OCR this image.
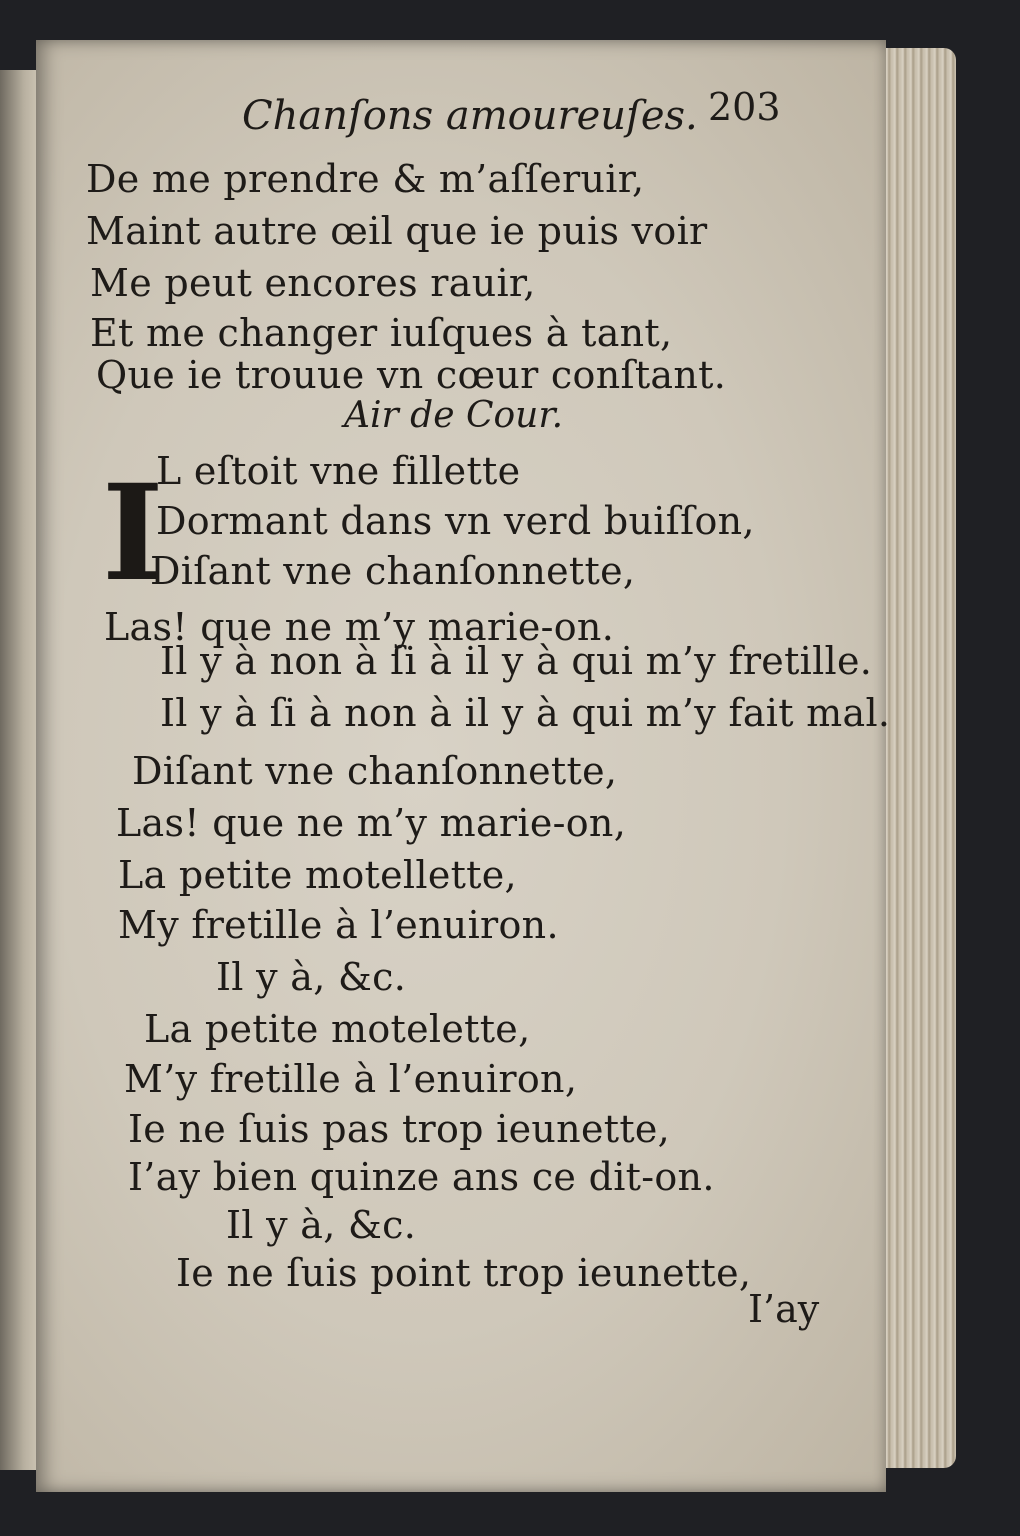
Chanſons amoureuſes. 203
De me prendre & m’aſſeruir,
Maint autre œil que ie puis voir
Me peut encores rauir,
Et me changer iuſques à tant,
Que ie trouue vn cœur conſtant.
Air de Cour.
I
L eſtoit vne fillette
Dormant dans vn verd buiſſon,
Diſant vne chanſonnette,
Las! que ne m’y marie-on.
Il y à non à ſi à il y à qui m’y fretille.
Il y à ſi à non à il y à qui m’y fait mal.
Diſant vne chanſonnette,
Las! que ne m’y marie-on,
La petite motellette,
My fretille à l’enuiron.
Il y à, &c.
La petite motelette,
M’y fretille à l’enuiron,
Ie ne ſuis pas trop ieunette,
I’ay bien quinze ans ce dit-on.
Il y à, &c.
Ie ne ſuis point trop ieunette,
I’ay
